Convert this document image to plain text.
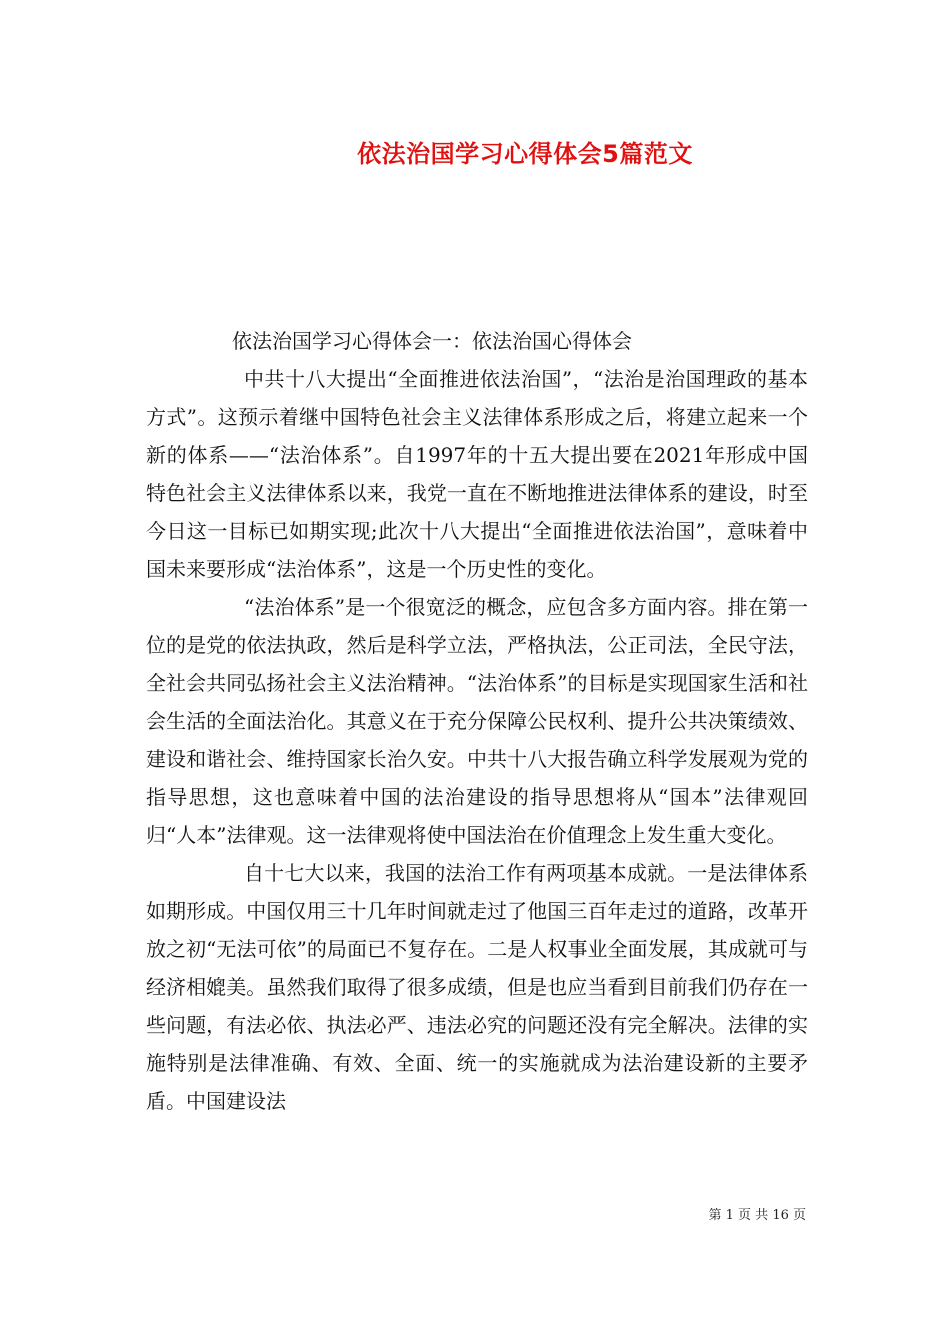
依法治国学习心得体会5篇范文

依法治国学习心得体会一：依法治国心得体会

中共十八大提出“全面推进依法治国”，“法治是治国理政的基本方式”。这预示着继中国特色社会主义法律体系形成之后，将建立起来一个新的体系——“法治体系”。自1997年的十五大提出要在2021年形成中国特色社会主义法律体系以来，我党一直在不断地推进法律体系的建设，时至今日这一目标已如期实现;此次十八大提出“全面推进依法治国”，意味着中国未来要形成“法治体系”，这是一个历史性的变化。

“法治体系”是一个很宽泛的概念，应包含多方面内容。排在第一位的是党的依法执政，然后是科学立法，严格执法，公正司法，全民守法，全社会共同弘扬社会主义法治精神。“法治体系”的目标是实现国家生活和社会生活的全面法治化。其意义在于充分保障公民权利、提升公共决策绩效、建设和谐社会、维持国家长治久安。中共十八大报告确立科学发展观为党的指导思想，这也意味着中国的法治建设的指导思想将从“国本”法律观回归“人本”法律观。这一法律观将使中国法治在价值理念上发生重大变化。

自十七大以来，我国的法治工作有两项基本成就。一是法律体系如期形成。中国仅用三十几年时间就走过了他国三百年走过的道路，改革开放之初“无法可依”的局面已不复存在。二是人权事业全面发展，其成就可与经济相媲美。虽然我们取得了很多成绩，但是也应当看到目前我们仍存在一些问题，有法必依、执法必严、违法必究的问题还没有完全解决。法律的实施特别是法律准确、有效、全面、统一的实施就成为法治建设新的主要矛盾。中国建设法

第 1 页 共 16 页
